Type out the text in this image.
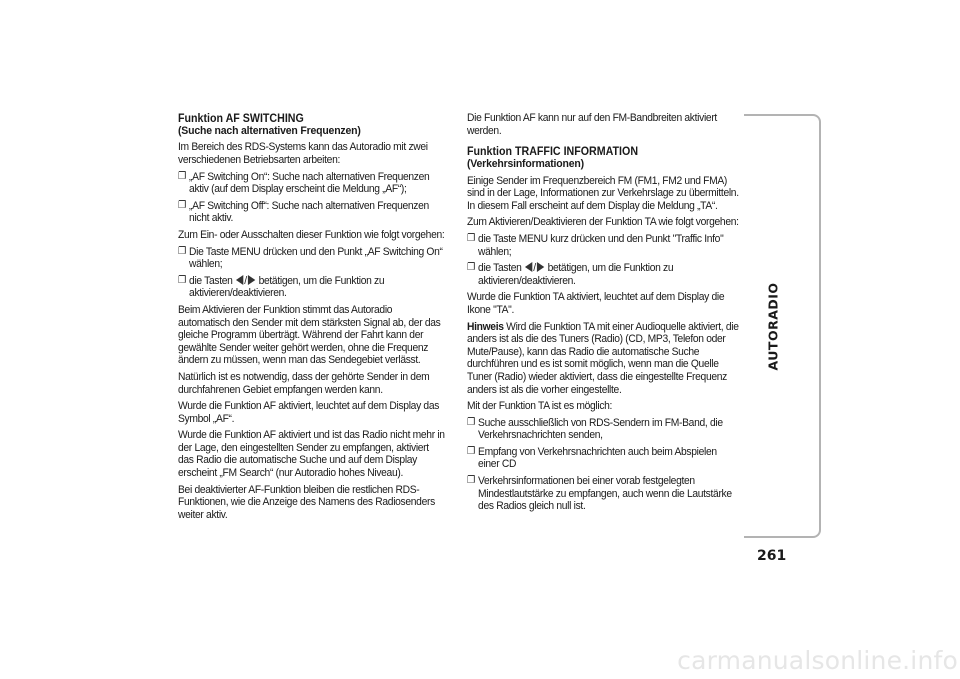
Funktion AF SWITCHING
(Suche nach alternativen Frequenzen)

Im Bereich des RDS-Systems kann das Autoradio mit zwei verschiedenen Betriebsarten arbeiten:

❐ „AF Switching On“: Suche nach alternativen Frequenzen aktiv (auf dem Display erscheint die Meldung „AF“);
❐ „AF Switching Off“: Suche nach alternativen Frequenzen nicht aktiv.

Zum Ein- oder Ausschalten dieser Funktion wie folgt vorgehen:

❐ Die Taste MENU drücken und den Punkt „AF Switching On“ wählen;
❐ die Tasten / betätigen, um die Funktion zu aktivieren/deaktivieren.

Beim Aktivieren der Funktion stimmt das Autoradio automatisch den Sender mit dem stärksten Signal ab, der das gleiche Programm überträgt. Während der Fahrt kann der gewählte Sender weiter gehört werden, ohne die Frequenz ändern zu müssen, wenn man das Sendegebiet verlässt.

Natürlich ist es notwendig, dass der gehörte Sender in dem durchfahrenen Gebiet empfangen werden kann.

Wurde die Funktion AF aktiviert, leuchtet auf dem Display das Symbol „AF“.

Wurde die Funktion AF aktiviert und ist das Radio nicht mehr in der Lage, den eingestellten Sender zu empfangen, aktiviert das Radio die automatische Suche und auf dem Display erscheint „FM Search“ (nur Autoradio hohes Niveau).

Bei deaktivierter AF-Funktion bleiben die restlichen RDS-Funktionen, wie die Anzeige des Namens des Radiosenders weiter aktiv.

Die Funktion AF kann nur auf den FM-Bandbreiten aktiviert werden.

Funktion TRAFFIC INFORMATION
(Verkehrsinformationen)

Einige Sender im Frequenzbereich FM (FM1, FM2 und FMA) sind in der Lage, Informationen zur Verkehrslage zu übermitteln. In diesem Fall erscheint auf dem Display die Meldung „TA“.

Zum Aktivieren/Deaktivieren der Funktion TA wie folgt vorgehen:

❐ die Taste MENU kurz drücken und den Punkt "Traffic Info" wählen;
❐ die Tasten / betätigen, um die Funktion zu aktivieren/deaktivieren.

Wurde die Funktion TA aktiviert, leuchtet auf dem Display die Ikone "TA".

Hinweis Wird die Funktion TA mit einer Audioquelle aktiviert, die anders ist als die des Tuners (Radio) (CD, MP3, Telefon oder Mute/Pause), kann das Radio die automatische Suche durchführen und es ist somit möglich, wenn man die Quelle Tuner (Radio) wieder aktiviert, dass die eingestellte Frequenz anders ist als die vorher eingestellte.

Mit der Funktion TA ist es möglich:

❐ Suche ausschließlich von RDS-Sendern im FM-Band, die Verkehrsnachrichten senden,
❐ Empfang von Verkehrsnachrichten auch beim Abspielen einer CD
❐ Verkehrsinformationen bei einer vorab festgelegten Mindestlautstärke zu empfangen, auch wenn die Lautstärke des Radios gleich null ist.
AUTORADIO
261
carmanualsonline.info
